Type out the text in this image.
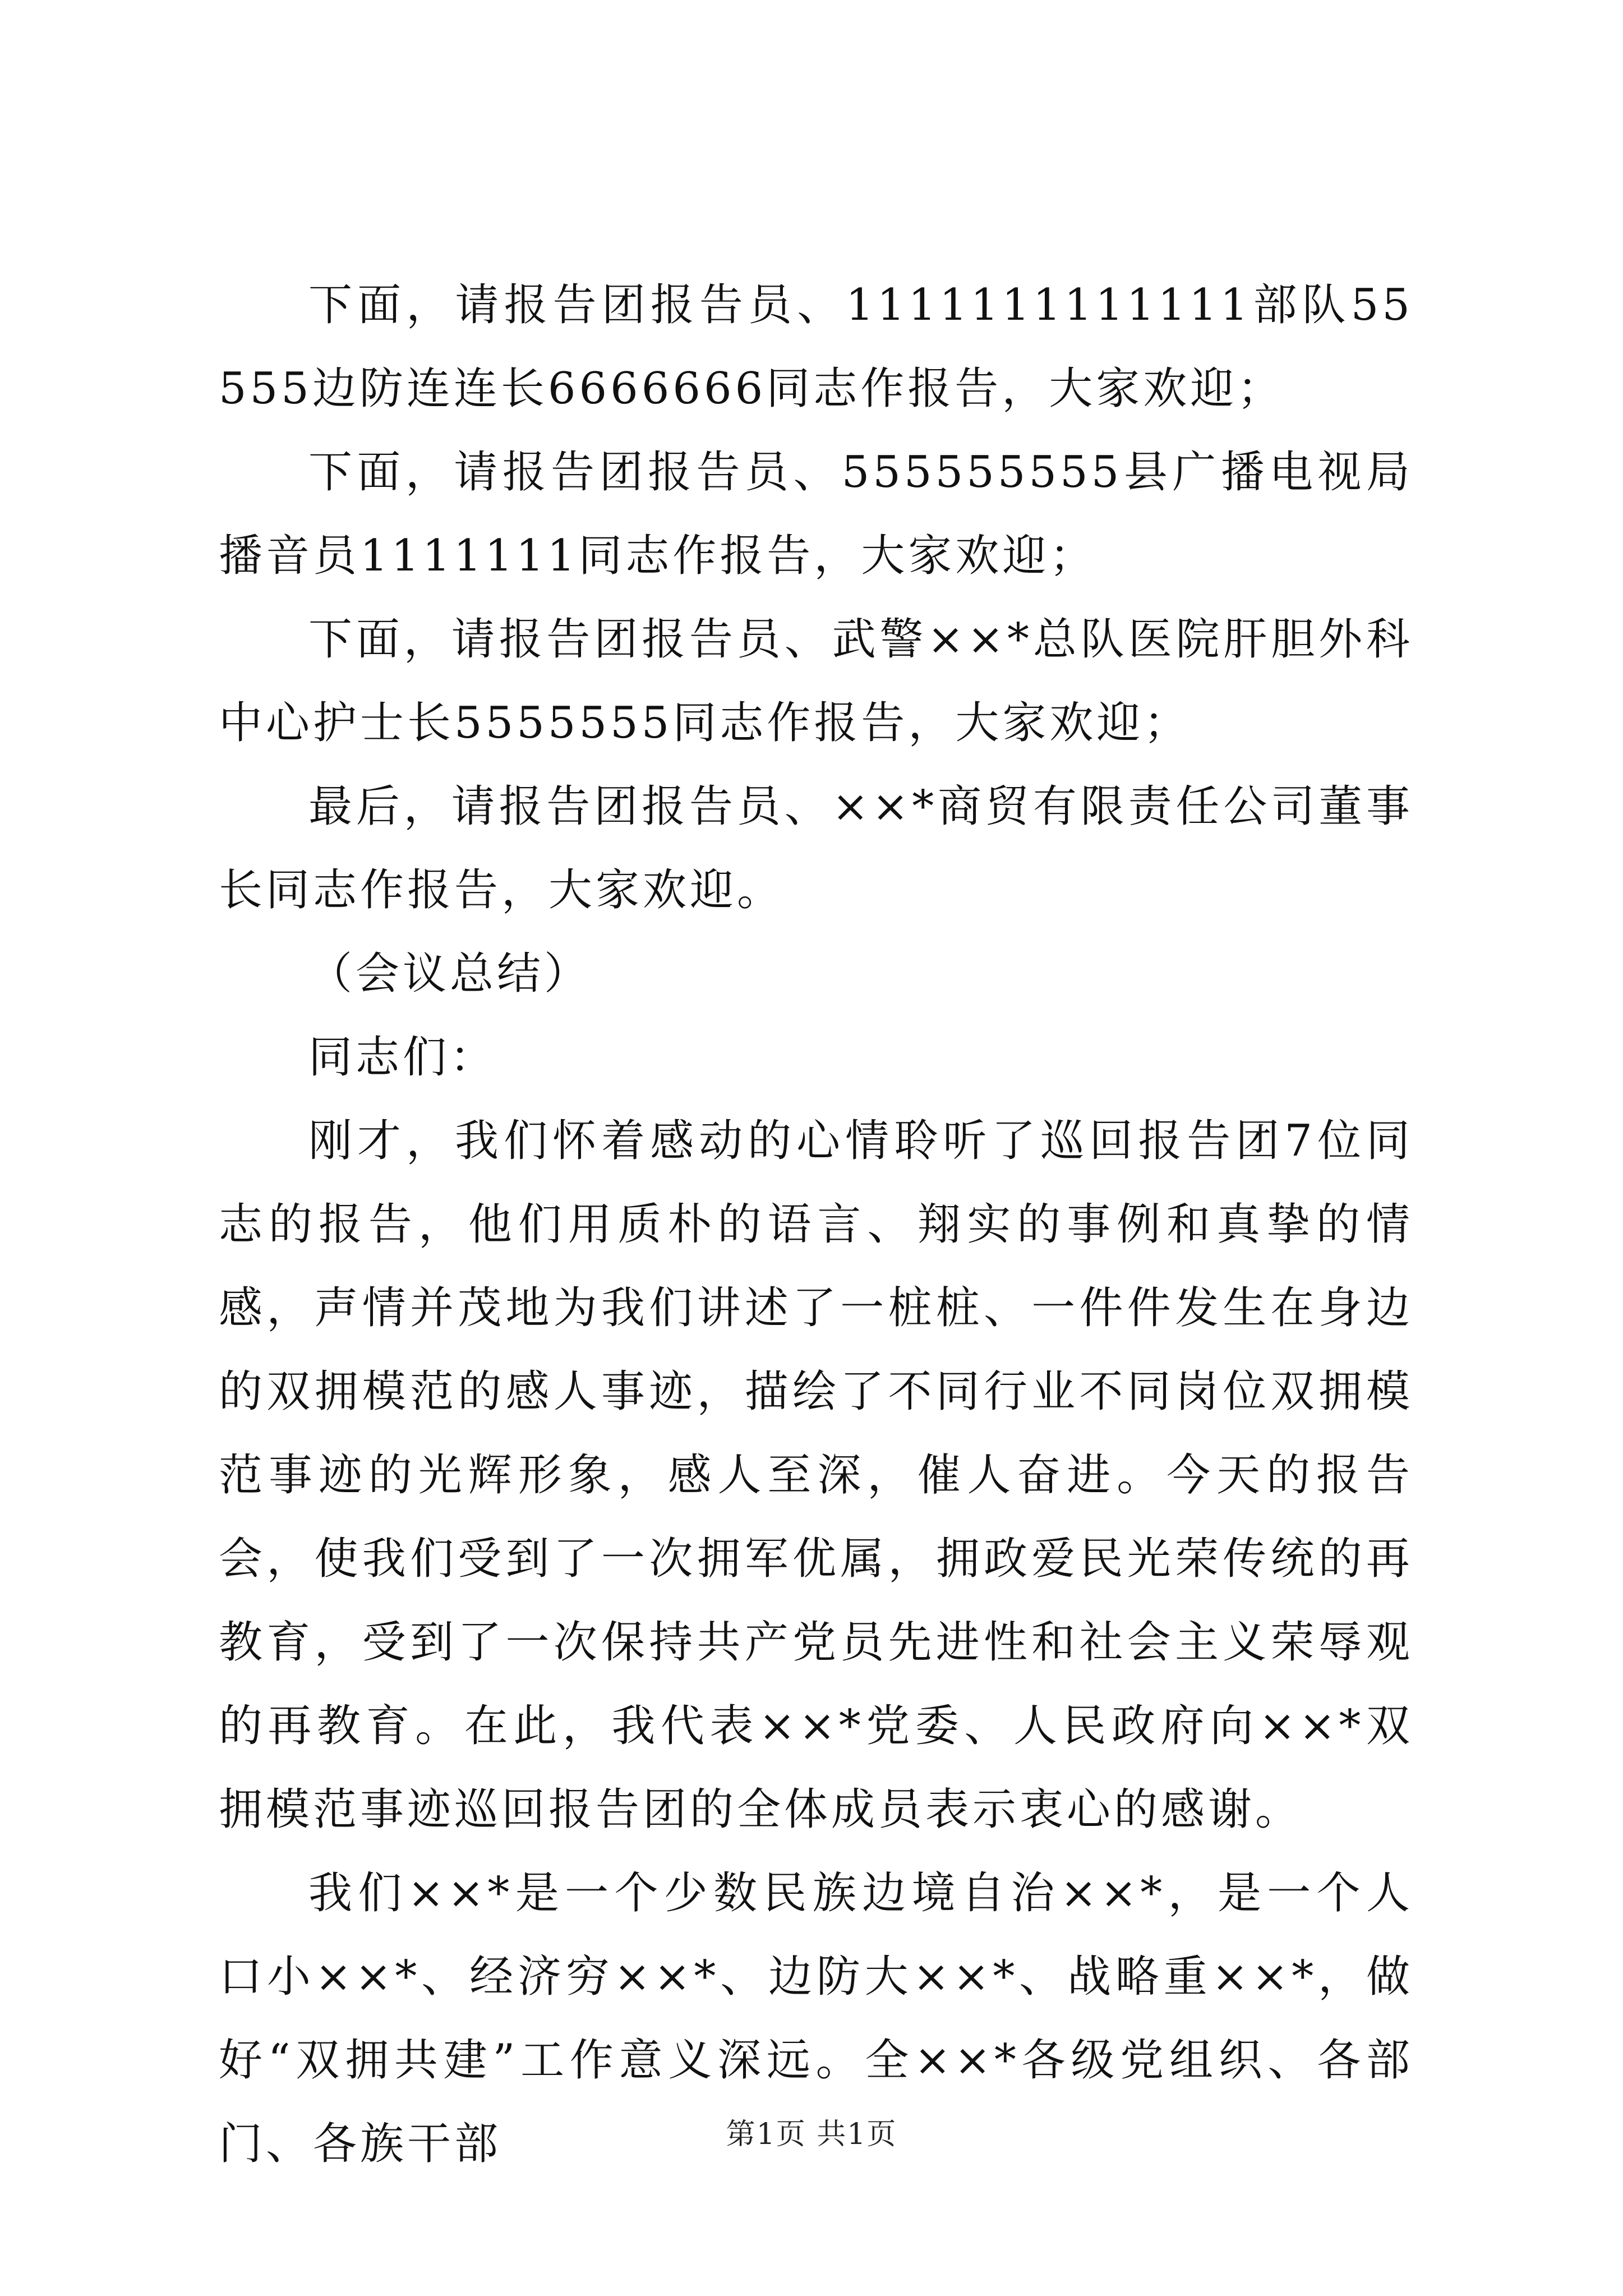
下面，请报告团报告员、1111111111111部队55555边防连连长6666666同志作报告，大家欢迎；

下面，请报告团报告员、555555555县广播电视局播音员1111111同志作报告，大家欢迎；

下面，请报告团报告员、武警××*总队医院肝胆外科中心护士长5555555同志作报告，大家欢迎；

最后，请报告团报告员、××*商贸有限责任公司董事长同志作报告，大家欢迎。

（会议总结）

同志们：

刚才，我们怀着感动的心情聆听了巡回报告团7位同志的报告，他们用质朴的语言、翔实的事例和真挚的情感，声情并茂地为我们讲述了一桩桩、一件件发生在身边的双拥模范的感人事迹，描绘了不同行业不同岗位双拥模范事迹的光辉形象，感人至深，催人奋进。今天的报告会，使我们受到了一次拥军优属，拥政爱民光荣传统的再教育，受到了一次保持共产党员先进性和社会主义荣辱观的再教育。在此，我代表××*党委、人民政府向××*双拥模范事迹巡回报告团的全体成员表示衷心的感谢。

我们××*是一个少数民族边境自治××*，是一个人口小××*、经济穷××*、边防大××*、战略重××*，做好“双拥共建”工作意义深远。全××*各级党组织、各部门、各族干部	第1页 共1页
